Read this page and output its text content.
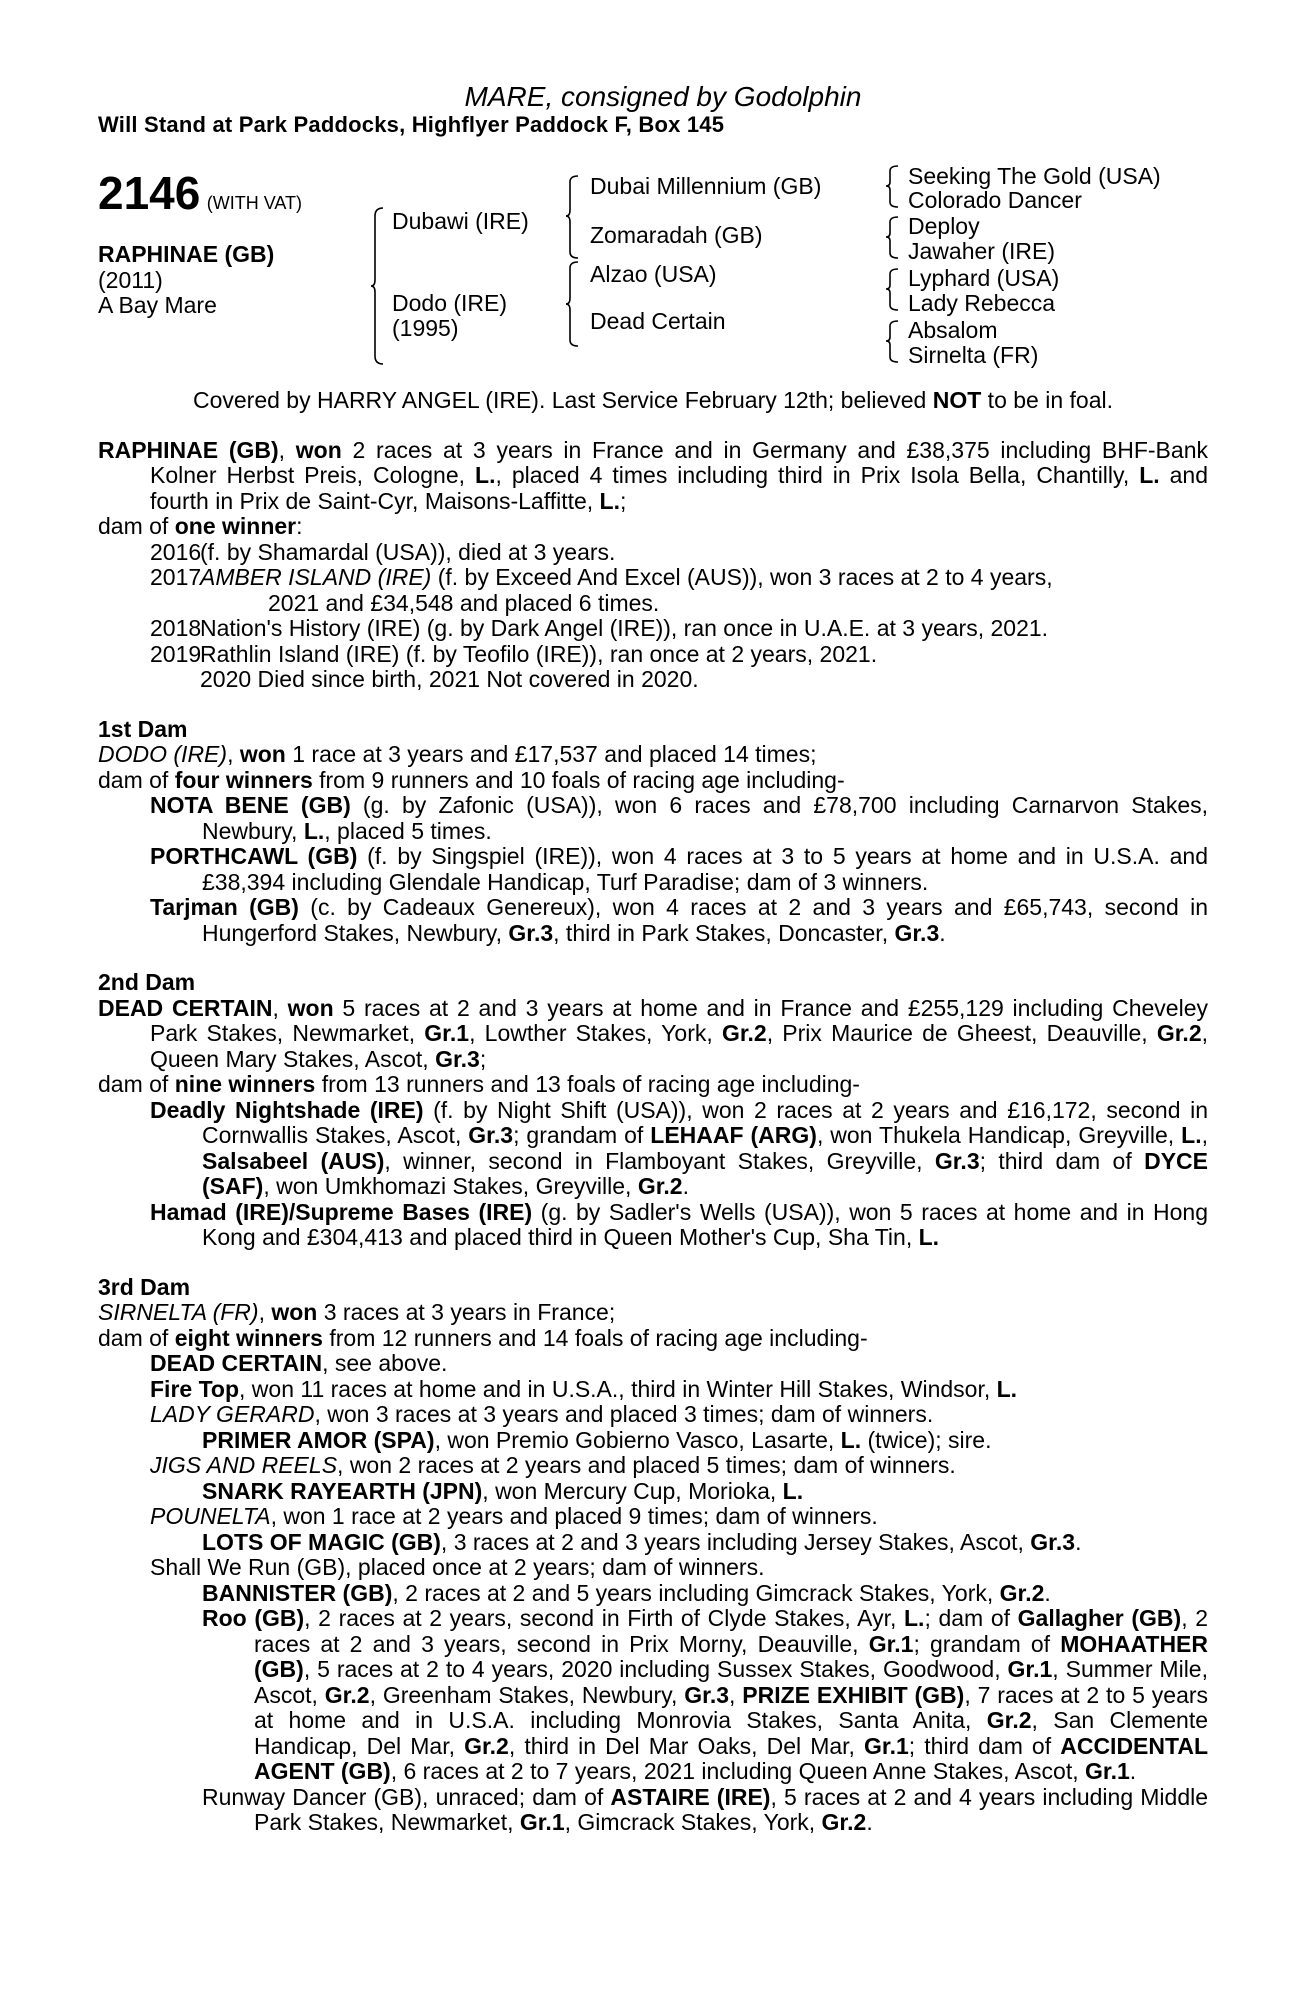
MARE, consigned by Godolphin
Will Stand at Park Paddocks, Highflyer Paddock F, Box 145
2146 (WITH VAT)
RAPHINAE (GB)
(2011)
A Bay Mare
Dubawi (IRE)
Dodo (IRE)
(1995)
Dubai Millennium (GB)
Zomaradah (GB)
Alzao (USA)
Dead Certain
Seeking The Gold (USA)
Colorado Dancer
Deploy
Jawaher (IRE)
Lyphard (USA)
Lady Rebecca
Absalom
Sirnelta (FR)
Covered by HARRY ANGEL (IRE). Last Service February 12th; believed NOT to be in foal.
RAPHINAE (GB), won 2 races at 3 years in France and in Germany and £38,375 including BHF-Bank Kolner Herbst Preis, Cologne, L., placed 4 times including third in Prix Isola Bella, Chantilly, L. and fourth in Prix de Saint-Cyr, Maisons-Laffitte, L.;
dam of one winner:
2016
(f. by Shamardal (USA)), died at 3 years.
2017
AMBER ISLAND (IRE) (f. by Exceed And Excel (AUS)), won 3 races at 2 to 4 years,
2021 and £34,548 and placed 6 times.
2018
Nation's History (IRE) (g. by Dark Angel (IRE)), ran once in U.A.E. at 3 years, 2021.
2019
Rathlin Island (IRE) (f. by Teofilo (IRE)), ran once at 2 years, 2021.
2020 Died since birth, 2021 Not covered in 2020.
1st Dam
DODO (IRE), won 1 race at 3 years and £17,537 and placed 14 times;
dam of four winners from 9 runners and 10 foals of racing age including-
NOTA BENE (GB) (g. by Zafonic (USA)), won 6 races and £78,700 including Carnarvon Stakes, Newbury, L., placed 5 times.
PORTHCAWL (GB) (f. by Singspiel (IRE)), won 4 races at 3 to 5 years at home and in U.S.A. and £38,394 including Glendale Handicap, Turf Paradise; dam of 3 winners.
Tarjman (GB) (c. by Cadeaux Genereux), won 4 races at 2 and 3 years and £65,743, second in Hungerford Stakes, Newbury, Gr.3, third in Park Stakes, Doncaster, Gr.3.
2nd Dam
DEAD CERTAIN, won 5 races at 2 and 3 years at home and in France and £255,129 including Cheveley Park Stakes, Newmarket, Gr.1, Lowther Stakes, York, Gr.2, Prix Maurice de Gheest, Deauville, Gr.2, Queen Mary Stakes, Ascot, Gr.3;
dam of nine winners from 13 runners and 13 foals of racing age including-
Deadly Nightshade (IRE) (f. by Night Shift (USA)), won 2 races at 2 years and £16,172, second in Cornwallis Stakes, Ascot, Gr.3; grandam of LEHAAF (ARG), won Thukela Handicap, Greyville, L., Salsabeel (AUS), winner, second in Flamboyant Stakes, Greyville, Gr.3; third dam of DYCE (SAF), won Umkhomazi Stakes, Greyville, Gr.2.
Hamad (IRE)/Supreme Bases (IRE) (g. by Sadler's Wells (USA)), won 5 races at home and in Hong Kong and £304,413 and placed third in Queen Mother's Cup, Sha Tin, L.
3rd Dam
SIRNELTA (FR), won 3 races at 3 years in France;
dam of eight winners from 12 runners and 14 foals of racing age including-
DEAD CERTAIN, see above.
Fire Top, won 11 races at home and in U.S.A., third in Winter Hill Stakes, Windsor, L.
LADY GERARD, won 3 races at 3 years and placed 3 times; dam of winners.
PRIMER AMOR (SPA), won Premio Gobierno Vasco, Lasarte, L. (twice); sire.
JIGS AND REELS, won 2 races at 2 years and placed 5 times; dam of winners.
SNARK RAYEARTH (JPN), won Mercury Cup, Morioka, L.
POUNELTA, won 1 race at 2 years and placed 9 times; dam of winners.
LOTS OF MAGIC (GB), 3 races at 2 and 3 years including Jersey Stakes, Ascot, Gr.3.
Shall We Run (GB), placed once at 2 years; dam of winners.
BANNISTER (GB), 2 races at 2 and 5 years including Gimcrack Stakes, York, Gr.2.
Roo (GB), 2 races at 2 years, second in Firth of Clyde Stakes, Ayr, L.; dam of Gallagher (GB), 2 races at 2 and 3 years, second in Prix Morny, Deauville, Gr.1; grandam of MOHAATHER (GB), 5 races at 2 to 4 years, 2020 including Sussex Stakes, Goodwood, Gr.1, Summer Mile, Ascot, Gr.2, Greenham Stakes, Newbury, Gr.3, PRIZE EXHIBIT (GB), 7 races at 2 to 5 years at home and in U.S.A. including Monrovia Stakes, Santa Anita, Gr.2, San Clemente Handicap, Del Mar, Gr.2, third in Del Mar Oaks, Del Mar, Gr.1; third dam of ACCIDENTAL AGENT (GB), 6 races at 2 to 7 years, 2021 including Queen Anne Stakes, Ascot, Gr.1.
Runway Dancer (GB), unraced; dam of ASTAIRE (IRE), 5 races at 2 and 4 years including Middle Park Stakes, Newmarket, Gr.1, Gimcrack Stakes, York, Gr.2.
